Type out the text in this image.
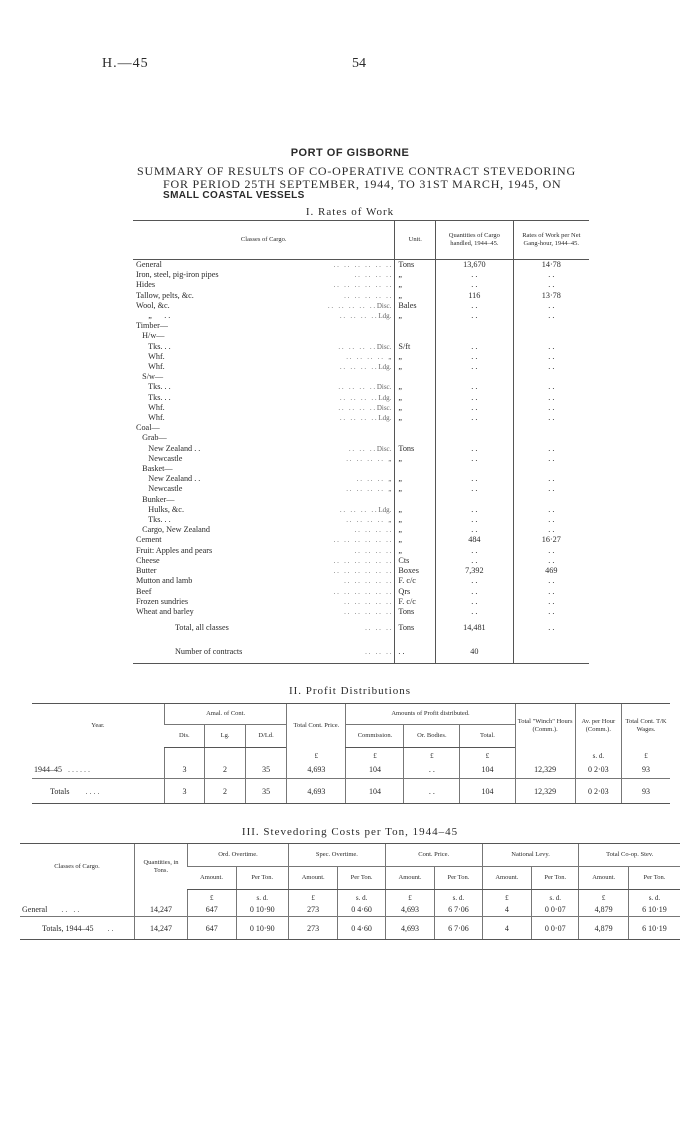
H.—45	54
PORT OF GISBORNE
SUMMARY OF RESULTS OF CO-OPERATIVE CONTRACT STEVEDORING
FOR PERIOD 25TH SEPTEMBER, 1944, TO 31ST MARCH, 1945, ON
SMALL COASTAL VESSELS
I. Rates of Work
Classes of Cargo.	Unit.	Quantities of Cargo handled, 1944–45.	Rates of Work per Net Gang-hour, 1944–45.
General . .   . .   . .   . .   . .   . .	Tons	13,670	14·78
Iron, steel, pig-iron pipes . .   . .   . .   . .	„	. .	. .
Hides . .   . .   . .   . .   . .   . .	„	. .	. .
Tallow, pelts, &c. . .   . .   . .   . .   . .	„	116	13·78
Wool, &c. . .   . .   . .   . .   . . Disc.	Bales	. .	. .
„      . . . .   . .   . .   . . Ldg.	„	. .	. .
Timber—

H/w—

Tks. . . . .   . .   . .   . . Disc.	S/ft	. .	. .
Whf. . .   . .   . .   . .   „	„	. .	. .
Whf. . .   . .   . .   . . Ldg.	„	. .	. .
S/w—

Tks. . . . .   . .   . .   . . Disc.	„	. .	. .
Tks. . . . .   . .   . .   . . Ldg.	„	. .	. .
Whf. . .   . .   . .   . . Disc.	„	. .	. .
Whf. . .   . .   . .   . . Ldg.	„	. .	. .
Coal—

Grab—

New Zealand . . . .   . .   . . Disc.	Tons	. .	. .
Newcastle . .   . .   . .   . .   „	„	. .	. .
Basket—

New Zealand . . . .   . .   . .   „	„	. .	. .
Newcastle . .   . .   . .   . .   „	„	. .	. .
Bunker—

Hulks, &c. . .   . .   . .   . . Ldg.	„	. .	. .
Tks. . . . .   . .   . .   . .   „	„	. .	. .
Cargo, New Zealand . .   . .   . .   . .	„	. .	. .
Cement . .   . .   . .   . .   . .   . .	„	484	16·27
Fruit: Apples and pears . .   . .   . .   . .	„	. .	. .
Cheese . .   . .   . .   . .   . .   . .	Cts	. .	. .
Butter . .   . .   . .   . .   . .   . .	Boxes	7,392	469
Mutton and lamb . .   . .   . .   . .   . .	F. c/c	. .	. .
Beef . .   . .   . .   . .   . .   . .	Qrs	. .	. .
Frozen sundries . .   . .   . .   . .   . .	F. c/c	. .	. .
Wheat and barley . .   . .   . .   . .   . .	Tons	. .	. .
Total, all classes . .   . .   . .	Tons	14,481	. .
Number of contracts . .   . .   . .	. .	40	
II. Profit Distributions
Year.	Amal. of Cont.			Total Cont. Price.	Amounts of Profit distributed.			Total "Winch" Hours (Comm.).	Av. per Hour (Comm.).	Total Cont. T/K Wages.
	Dis.	Lg.	D/Ld.		Commission.	Or. Bodies.	Total.			
				£	£	£	£		s. d.	£
1944–45 . . . . . .	3	2	35	4,693	104	. .	104	12,329	0 2·03	93
Totals . . . .	3	2	35	4,693	104	. .	104	12,329	0 2·03	93
III. Stevedoring Costs per Ton, 1944–45
Classes of Cargo.	Quantities, in Tons.	Ord. Overtime.		Spec. Overtime.		Cont. Price.		National Levy.		Total Co-op. Stev.	
		Amount.	Per Ton.	Amount.	Per Ton.	Amount.	Per Ton.	Amount.	Per Ton.	Amount.	Per Ton.
		£	s. d.	£	s. d.	£	s. d.	£	s. d.	£	s. d.
General . .   . .	14,247	647	0 10·90	273	0 4·60	4,693	6 7·06	4	0 0·07	4,879	6 10·19
Totals, 1944–45 . .	14,247	647	0 10·90	273	0 4·60	4,693	6 7·06	4	0 0·07	4,879	6 10·19
